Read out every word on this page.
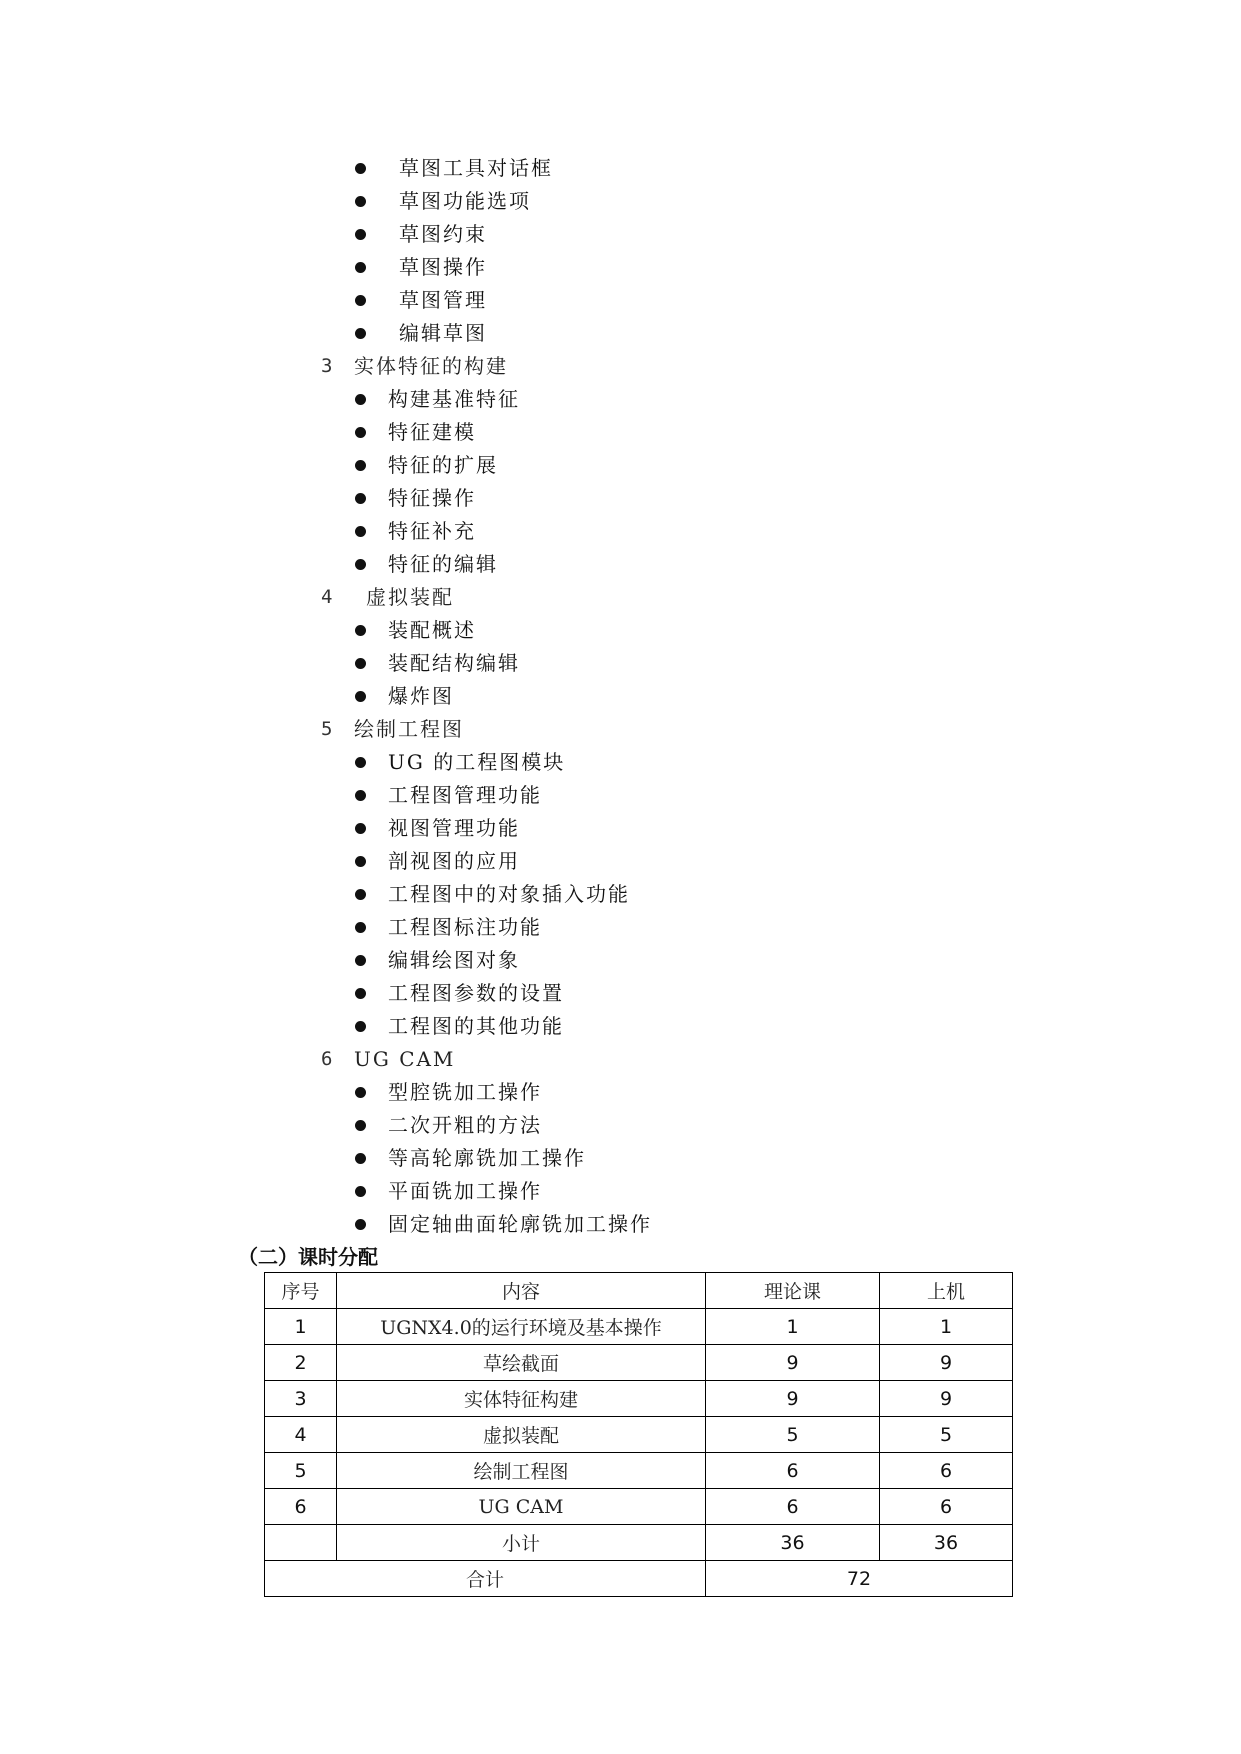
草图工具对话框
草图功能选项
草图约束
草图操作
草图管理
编辑草图
3 实体特征的构建
构建基准特征
特征建模
特征的扩展
特征操作
特征补充
特征的编辑
4 虚拟装配
装配概述
装配结构编辑
爆炸图
5 绘制工程图
UG 的工程图模块
工程图管理功能
视图管理功能
剖视图的应用
工程图中的对象插入功能
工程图标注功能
编辑绘图对象
工程图参数的设置
工程图的其他功能
6 UG CAM
型腔铣加工操作
二次开粗的方法
等高轮廓铣加工操作
平面铣加工操作
固定轴曲面轮廓铣加工操作
（二）课时分配
序号	内容	理论课	上机
1	UGNX4.0的运行环境及基本操作	1	1
2	草绘截面	9	9
3	实体特征构建	9	9
4	虚拟装配	5	5
5	绘制工程图	6	6
6	UG CAM	6	6
	小计	36	36
合计		72	
